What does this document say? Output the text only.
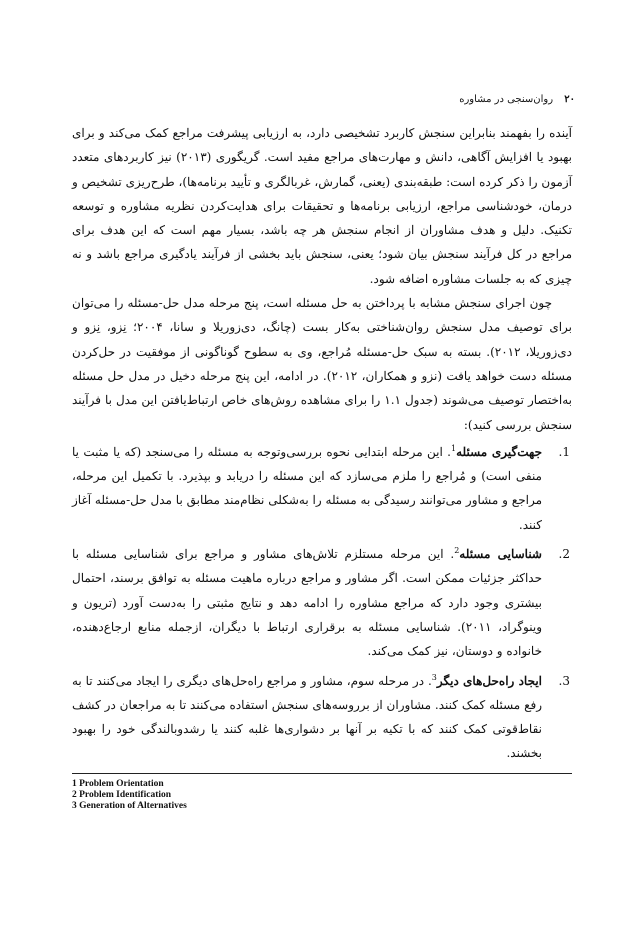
۲۰ روان‌سنجی در مشاوره

آینده را بفهمند بنابراین سنجش کاربرد تشخیصی دارد، به ارزیابی پیشرفت مراجع کمک می‌کند و برای بهبود یا افزایش آگاهی، دانش و مهارت‌های مراجع مفید است. گریگوری (۲۰۱۳) نیز کاربردهای متعدد آزمون را ذکر کرده است: طبقه‌بندی (یعنی، گمارش، غربالگری و تأیید برنامه‌ها)، طرح‌ریزی تشخیص و درمان، خودشناسی مراجع، ارزیابی برنامه‌ها و تحقیقات برای هدایت‌کردن نظریه مشاوره و توسعه تکنیک. دلیل و هدف مشاوران از انجام سنجش هر چه باشد، بسیار مهم است که این هدف برای مراجع در کل فرآیند سنجش بیان شود؛ یعنی، سنجش باید بخشی از فرآیند یادگیری مراجع باشد و نه چیزی که به جلسات مشاوره اضافه شود.

چون اجرای سنجش مشابه با پرداختن به حل مسئله است، پنج مرحله مدل حل-مسئله را می‌توان برای توصیف مدل سنجش روان‌شناختی به‌کار بست (چانگ، دی‌زوریلا و سانا، ۲۰۰۴؛ نِزو، نِزو و دی‌زوریلا، ۲۰۱۲). بسته به سبک حل-مسئله مُراجع، وی به سطوح گوناگونی از موفقیت در حل‌کردن مسئله دست خواهد یافت (نزو و همکاران، ۲۰۱۲). در ادامه، این پنج مرحله دخیل در مدل حل مسئله به‌اختصار توصیف می‌شوند (جدول ۱.۱ را برای مشاهده روش‌های خاص ارتباط‌یافتن این مدل با فرآیند سنجش بررسی کنید):

.1
جهت‌گیری مسئله$^1$. این مرحله ابتدایی نحوه بررسی‌وتوجه به مسئله را می‌سنجد (که یا مثبت یا منفی است) و مُراجع را ملزم می‌سازد که این مسئله را دریابد و بپذیرد. با تکمیل این مرحله، مراجع و مشاور می‌توانند رسیدگی به مسئله را به‌شکلی نظام‌مند مطابق با مدل حل-مسئله آغاز کنند.
.2
شناسایی مسئله$^2$. این مرحله مستلزم تلاش‌های مشاور و مراجع برای شناسایی مسئله با حداکثر جزئیات ممکن است. اگر مشاور و مراجع درباره ماهیت مسئله به توافق برسند، احتمال بیشتری وجود دارد که مراجع مشاوره را ادامه دهد و نتایج مثبتی را به‌دست آورد (تریون و وینوگراد، ۲۰۱۱). شناسایی مسئله به برقراری ارتباط با دیگران، ازجمله منابع ارجاع‌دهنده، خانواده و دوستان، نیز کمک می‌کند.
.3
ایجاد راه‌حل‌های دیگر$^3$. در مرحله سوم، مشاور و مراجع راه‌حل‌های دیگری را ایجاد می‌کنند تا به رفع مسئله کمک کنند. مشاوران از برروسه‌های سنجش استفاده می‌کنند تا به مراجعان در کشف نقاط‌قوتی کمک کنند که با تکیه بر آنها بر دشواری‌ها غلبه کنند یا رشدوبالندگی خود را بهبود بخشند.
1 Problem Orientation
2 Problem Identification
3 Generation of Alternatives
